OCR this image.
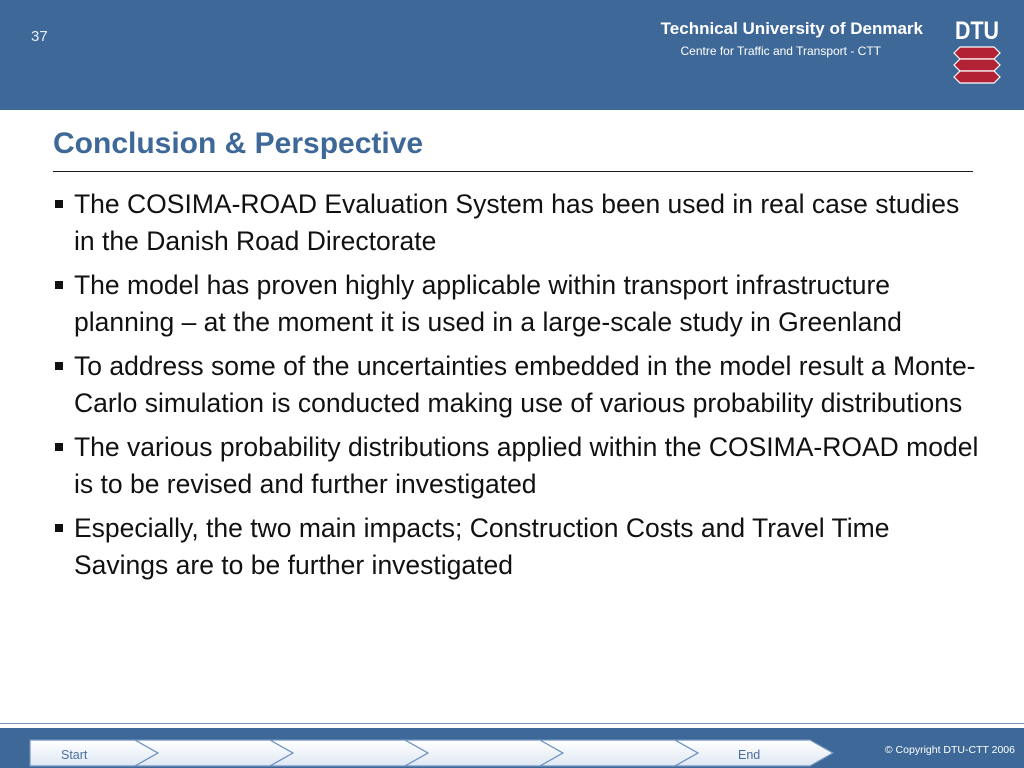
37	Technical University of Denmark
Centre for Traffic and Transport - CTT
DTU
Conclusion & Perspective
The COSIMA-ROAD Evaluation System has been used in real case studies in the Danish Road Directorate
The model has proven highly applicable within transport infrastructure planning – at the moment it is used in a large-scale study in Greenland
To address some of the uncertainties embedded in the model result a Monte-Carlo simulation is conducted making use of various probability distributions
The various probability distributions applied within the COSIMA-ROAD model is to be revised and further investigated
Especially, the two main impacts; Construction Costs and Travel Time Savings are to be further investigated
Start	End	© Copyright DTU-CTT 2006
